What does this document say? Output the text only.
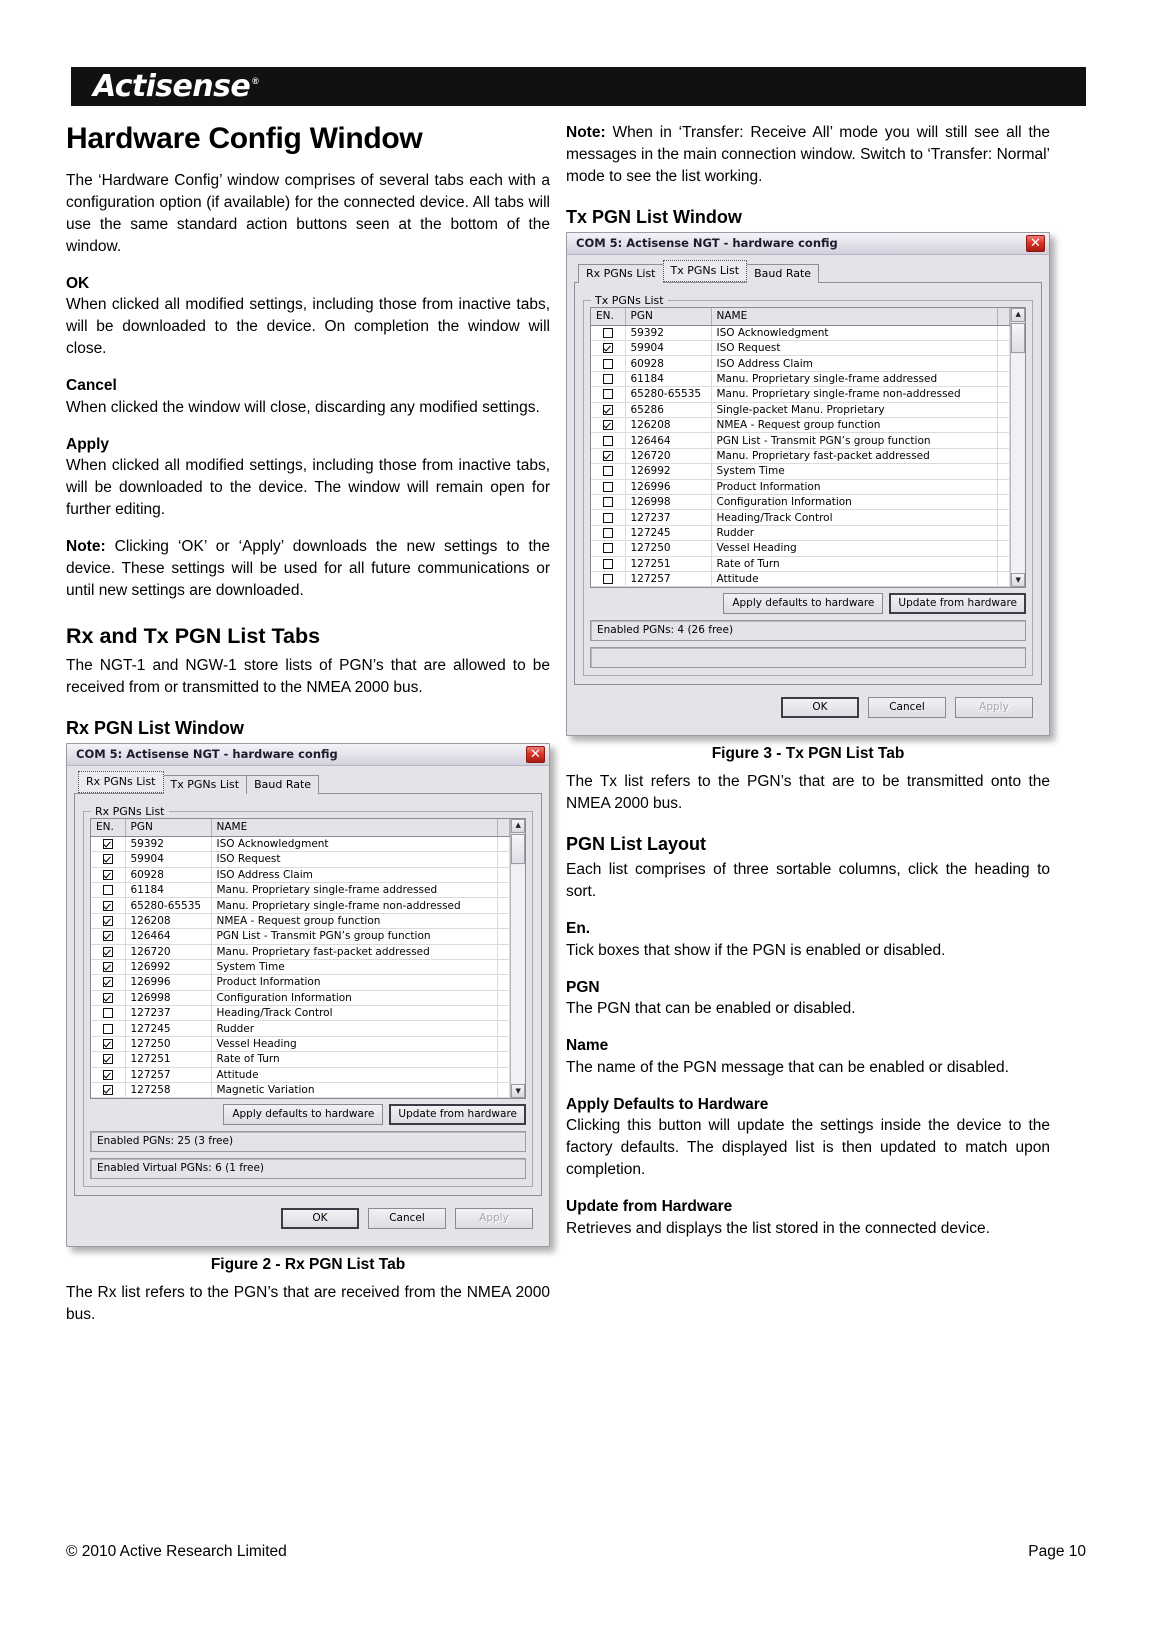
Actisense ®
Hardware Config Window

The ‘Hardware Config’ window comprises of several tabs each with a configuration option (if available) for the connected device. All tabs will use the same standard action buttons seen at the bottom of the window.

OK

When clicked all modified settings, including those from inactive tabs, will be downloaded to the device. On completion the window will close.

Cancel

When clicked the window will close, discarding any modified settings.

Apply

When clicked all modified settings, including those from inactive tabs, will be downloaded to the device. The window will remain open for further editing.

Note: Clicking ‘OK’ or ‘Apply’ downloads the new settings to the device. These settings will be used for all future communications or until new settings are downloaded.

Rx and Tx PGN List Tabs

The NGT-1 and NGW-1 store lists of PGN’s that are allowed to be received from or transmitted to the NMEA 2000 bus.

Rx PGN List Window
COM 5: Actisense NGT - hardware config	✕
Rx PGNs List	Tx PGNs List	Baud Rate
Rx PGNs List
EN.	PGN	NAME	
	59392	ISO Acknowledgment	
	59904	ISO Request	
	60928	ISO Address Claim	
	61184	Manu. Proprietary single-frame addressed	
	65280-65535	Manu. Proprietary single-frame non-addressed	
	126208	NMEA - Request group function	
	126464	PGN List - Transmit PGN’s group function	
	126720	Manu. Proprietary fast-packet addressed	
	126992	System Time	
	126996	Product Information	
	126998	Configuration Information	
	127237	Heading/Track Control	
	127245	Rudder	
	127250	Vessel Heading	
	127251	Rate of Turn	
	127257	Attitude	
	127258	Magnetic Variation	
▲
▼
Apply defaults to hardware	Update from hardware
Enabled PGNs: 25 (3 free)
Enabled Virtual PGNs: 6 (1 free)
OK	Cancel	Apply
Figure 2 - Rx PGN List Tab

The Rx list refers to the PGN’s that are received from the NMEA 2000 bus.

Note: When in ‘Transfer: Receive All’ mode you will still see all the messages in the main connection window. Switch to ‘Transfer: Normal’ mode to see the list working.

Tx PGN List Window
COM 5: Actisense NGT - hardware config	✕
Rx PGNs List	Tx PGNs List	Baud Rate
Tx PGNs List
EN.	PGN	NAME	
	59392	ISO Acknowledgment	
	59904	ISO Request	
	60928	ISO Address Claim	
	61184	Manu. Proprietary single-frame addressed	
	65280-65535	Manu. Proprietary single-frame non-addressed	
	65286	Single-packet Manu. Proprietary	
	126208	NMEA - Request group function	
	126464	PGN List - Transmit PGN’s group function	
	126720	Manu. Proprietary fast-packet addressed	
	126992	System Time	
	126996	Product Information	
	126998	Configuration Information	
	127237	Heading/Track Control	
	127245	Rudder	
	127250	Vessel Heading	
	127251	Rate of Turn	
	127257	Attitude	
▲
▼
Apply defaults to hardware	Update from hardware
Enabled PGNs: 4 (26 free)

OK	Cancel	Apply
Figure 3 - Tx PGN List Tab

The Tx list refers to the PGN’s that are to be transmitted onto the NMEA 2000 bus.

PGN List Layout

Each list comprises of three sortable columns, click the heading to sort.

En.

Tick boxes that show if the PGN is enabled or disabled.

PGN

The PGN that can be enabled or disabled.

Name

The name of the PGN message that can be enabled or disabled.

Apply Defaults to Hardware

Clicking this button will update the settings inside the device to the factory defaults. The displayed list is then updated to match upon completion.

Update from Hardware

Retrieves and displays the list stored in the connected device.

© 2010 Active Research Limited	Page 10
